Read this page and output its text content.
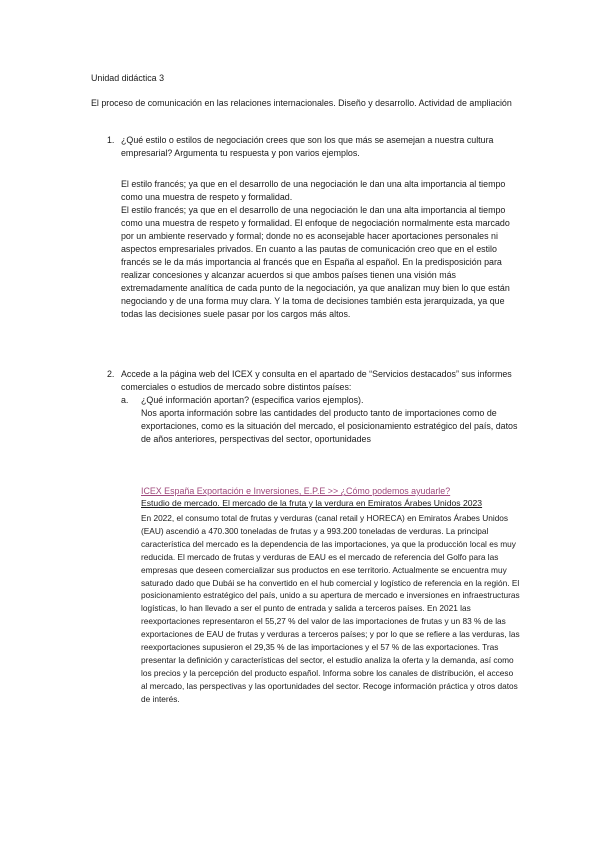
Unidad didáctica 3

El proceso de comunicación en las relaciones internacionales. Diseño y desarrollo. Actividad de ampliación

1. ¿Qué estilo o estilos de negociación crees que son los que más se asemejan a nuestra cultura empresarial? Argumenta tu respuesta y pon varios ejemplos.

El estilo francés; ya que en el desarrollo de una negociación le dan una alta importancia al tiempo como una muestra de respeto y formalidad.
El estilo francés; ya que en el desarrollo de una negociación le dan una alta importancia al tiempo como una muestra de respeto y formalidad. El enfoque de negociación normalmente esta marcado por un ambiente reservado y formal; donde no es aconsejable hacer aportaciones personales ni aspectos empresariales privados. En cuanto a las pautas de comunicación creo que en el estilo francés se le da más importancia al francés que en España al español. En la predisposición para realizar concesiones y alcanzar acuerdos si que ambos países tienen una visión más extremadamente analítica de cada punto de la negociación, ya que analizan muy bien lo que están negociando y de una forma muy clara. Y la toma de decisiones también esta jerarquizada, ya que todas las decisiones suele pasar por los cargos más altos.

2. Accede a la página web del ICEX y consulta en el apartado de “Servicios destacados” sus informes comerciales o estudios de mercado sobre distintos países:

a. ¿Qué información aportan? (especifica varios ejemplos).

Nos aporta información sobre las cantidades del producto tanto de importaciones como de exportaciones, como es la situación del mercado, el posicionamiento estratégico del país, datos de años anteriores, perspectivas del sector, oportunidades

ICEX España Exportación e Inversiones, E.P.E >> ¿Cómo podemos ayudarle?

Estudio de mercado. El mercado de la fruta y la verdura en Emiratos Árabes Unidos 2023

En 2022, el consumo total de frutas y verduras (canal retail y HORECA) en Emiratos Árabes Unidos (EAU) ascendió a 470.300 toneladas de frutas y a 993.200 toneladas de verduras. La principal característica del mercado es la dependencia de las importaciones, ya que la producción local es muy reducida. El mercado de frutas y verduras de EAU es el mercado de referencia del Golfo para las empresas que deseen comercializar sus productos en ese territorio. Actualmente se encuentra muy saturado dado que Dubái se ha convertido en el hub comercial y logístico de referencia en la región. El posicionamiento estratégico del país, unido a su apertura de mercado e inversiones en infraestructuras logísticas, lo han llevado a ser el punto de entrada y salida a terceros países. En 2021 las reexportaciones representaron el 55,27 % del valor de las importaciones de frutas y un 83 % de las exportaciones de EAU de frutas y verduras a terceros países; y por lo que se refiere a las verduras, las reexportaciones supusieron el 29,35 % de las importaciones y el 57 % de las exportaciones. Tras presentar la definición y características del sector, el estudio analiza la oferta y la demanda, así como los precios y la percepción del producto español. Informa sobre los canales de distribución, el acceso al mercado, las perspectivas y las oportunidades del sector. Recoge información práctica y otros datos de interés.
